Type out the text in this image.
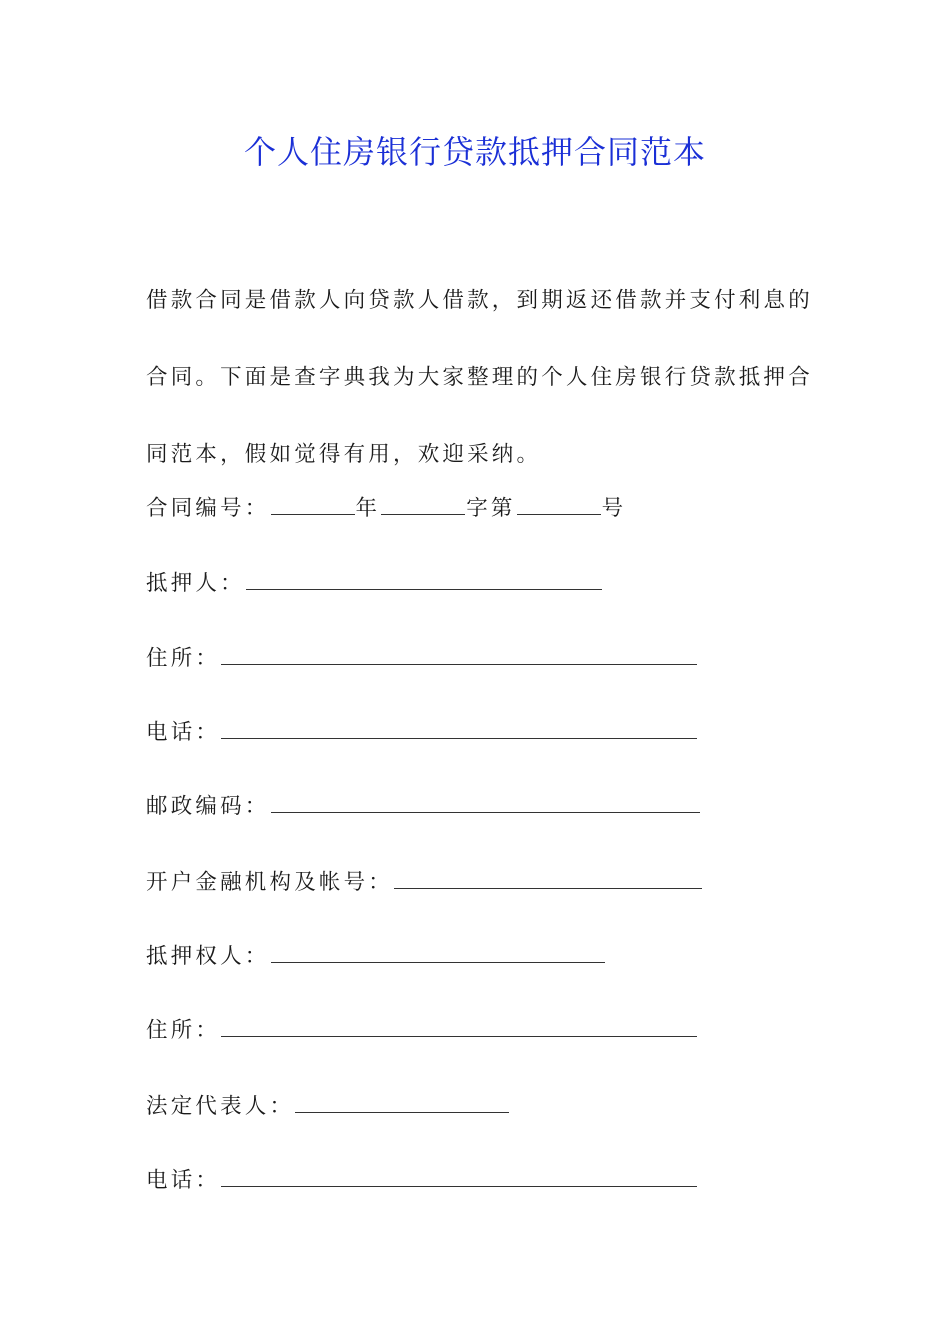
个人住房银行贷款抵押合同范本

借款合同是借款人向贷款人借款，到期返还借款并支付利息的
合同。下面是查字典我为大家整理的个人住房银行贷款抵押合
同范本，假如觉得有用，欢迎采纳。

合同编号：	年	字第	号
抵押人：
住所：
电话：
邮政编码：
开户金融机构及帐号：
抵押权人：
住所：
法定代表人：
电话：
